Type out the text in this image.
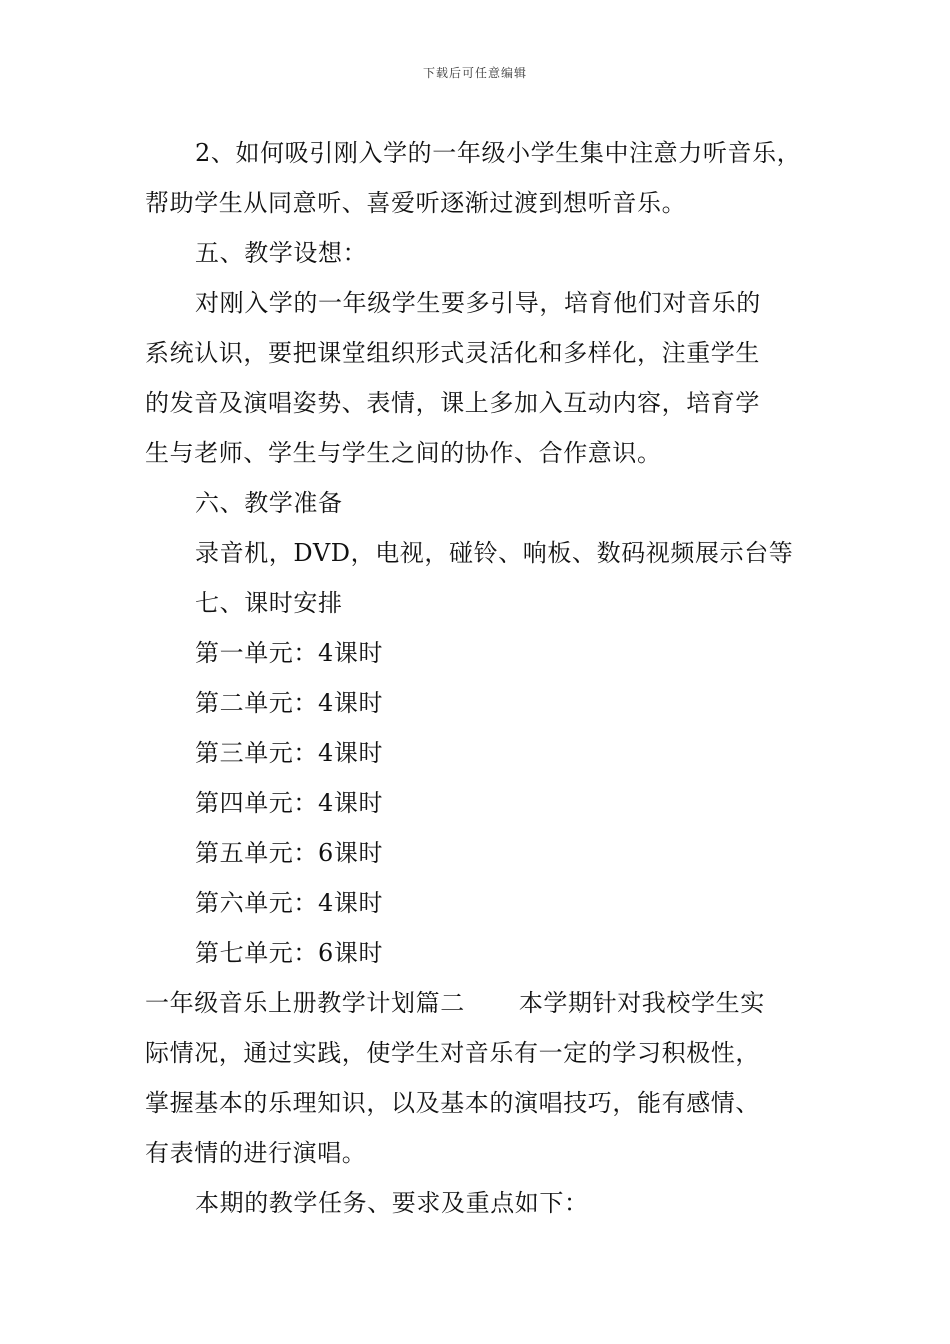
下载后可任意编辑
2、如何吸引刚入学的一年级小学生集中注意力听音乐，
帮助学生从同意听、喜爱听逐渐过渡到想听音乐。
五、教学设想：
对刚入学的一年级学生要多引导，培育他们对音乐的
系统认识，要把课堂组织形式灵活化和多样化，注重学生
的发音及演唱姿势、表情，课上多加入互动内容，培育学
生与老师、学生与学生之间的协作、合作意识。
六、教学准备
录音机，DVD，电视，碰铃、响板、数码视频展示台等
七、课时安排
第一单元：4课时
第二单元：4课时
第三单元：4课时
第四单元：4课时
第五单元：6课时
第六单元：4课时
第七单元：6课时
一年级音乐上册教学计划篇二 本学期针对我校学生实
际情况，通过实践，使学生对音乐有一定的学习积极性，
掌握基本的乐理知识，以及基本的演唱技巧，能有感情、
有表情的进行演唱。
本期的教学任务、要求及重点如下：
